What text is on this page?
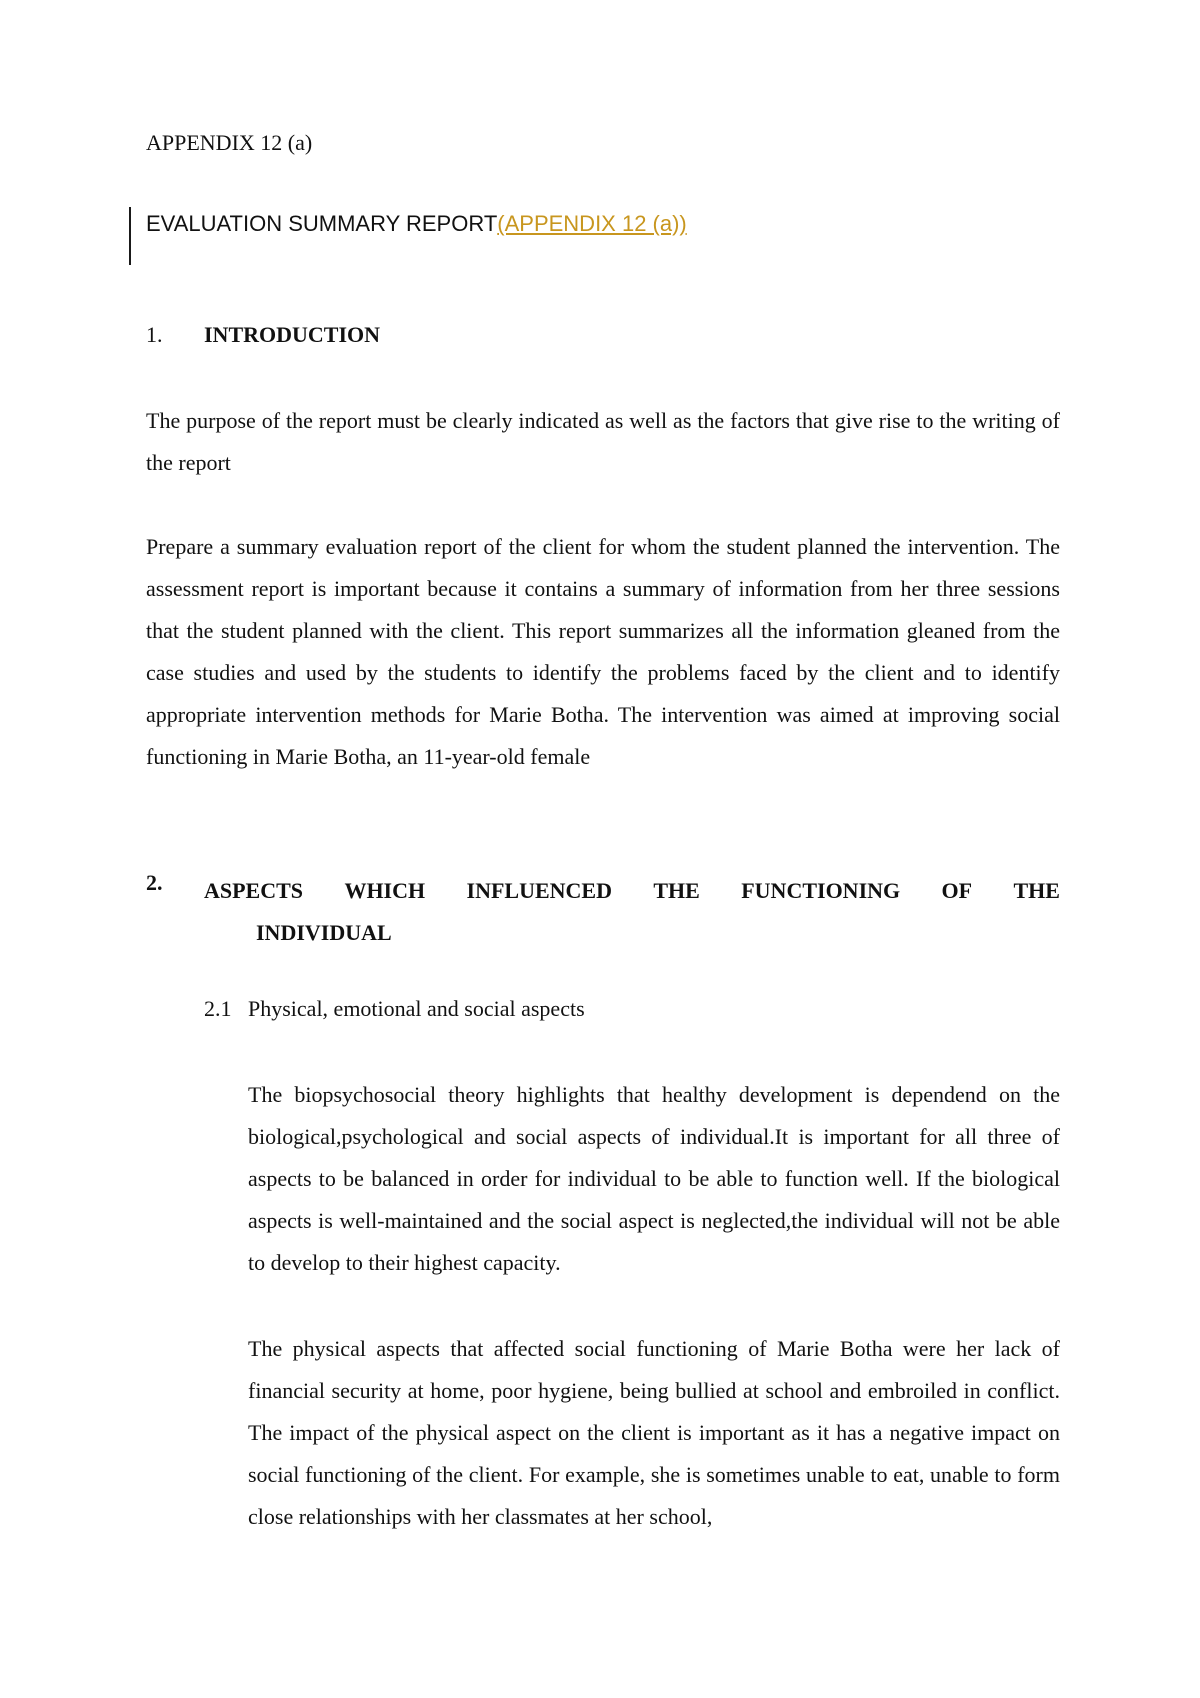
APPENDIX 12 (a)
EVALUATION SUMMARY REPORT(APPENDIX 12 (a))
1. INTRODUCTION
The purpose of the report must be clearly indicated as well as the factors that give rise to the writing of the report
Prepare a summary evaluation report of the client for whom the student planned the intervention. The assessment report is important because it contains a summary of information from her three sessions that the student planned with the client. This report summarizes all the information gleaned from the case studies and used by the students to identify the problems faced by the client and to identify appropriate intervention methods for Marie Botha. The intervention was aimed at improving social functioning in Marie Botha, an 11-year-old female
2. ASPECTS WHICH INFLUENCED THE FUNCTIONING OF THE
INDIVIDUAL
2.1 Physical, emotional and social aspects
The biopsychosocial theory highlights that healthy development is dependend on the biological,psychological and social aspects of individual.It is important for all three of aspects to be balanced in order for individual to be able to function well. If the biological aspects is well-maintained and the social aspect is neglected,the individual will not be able to develop to their highest capacity.
The physical aspects that affected social functioning of Marie Botha were her lack of financial security at home, poor hygiene, being bullied at school and embroiled in conflict. The impact of the physical aspect on the client is important as it has a negative impact on social functioning of the client. For example, she is sometimes unable to eat, unable to form close relationships with her classmates at her school,
